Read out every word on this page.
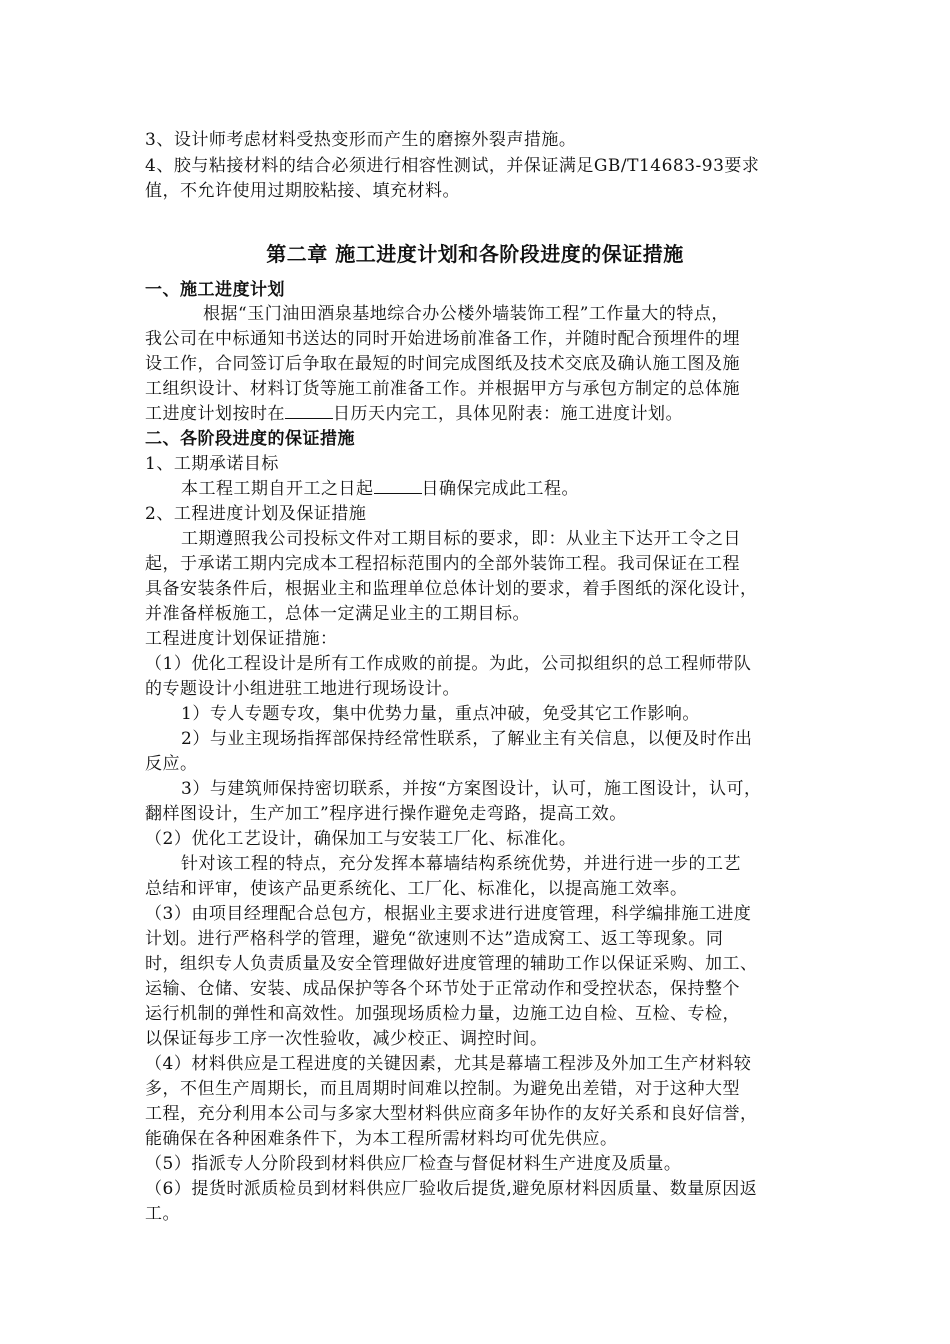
3、设计师考虑材料受热变形而产生的磨擦外裂声措施。
4、胶与粘接材料的结合必须进行相容性测试，并保证满足GB/T14683-93要求
值，不允许使用过期胶粘接、填充材料。
第二章 施工进度计划和各阶段进度的保证措施
一、施工进度计划
根据“玉门油田酒泉基地综合办公楼外墙装饰工程”工作量大的特点，
我公司在中标通知书送达的同时开始进场前准备工作，并随时配合预埋件的埋
设工作，合同签订后争取在最短的时间完成图纸及技术交底及确认施工图及施
工组织设计、材料订货等施工前准备工作。并根据甲方与承包方制定的总体施
工进度计划按时在	日历天内完工，具体见附表：施工进度计划。
二、各阶段进度的保证措施
1、工期承诺目标
本工程工期自开工之日起	日确保完成此工程。
2、工程进度计划及保证措施
工期遵照我公司投标文件对工期目标的要求，即：从业主下达开工令之日
起，于承诺工期内完成本工程招标范围内的全部外装饰工程。我司保证在工程
具备安装条件后，根据业主和监理单位总体计划的要求，着手图纸的深化设计，
并准备样板施工，总体一定满足业主的工期目标。
工程进度计划保证措施：
（1）优化工程设计是所有工作成败的前提。为此，公司拟组织的总工程师带队
的专题设计小组进驻工地进行现场设计。
1）专人专题专攻，集中优势力量，重点冲破，免受其它工作影响。
2）与业主现场指挥部保持经常性联系，了解业主有关信息，以便及时作出
反应。
3）与建筑师保持密切联系，并按“方案图设计，认可，施工图设计，认可，
翻样图设计，生产加工”程序进行操作避免走弯路，提高工效。
（2）优化工艺设计，确保加工与安装工厂化、标准化。
针对该工程的特点，充分发挥本幕墙结构系统优势，并进行进一步的工艺
总结和评审，使该产品更系统化、工厂化、标准化，以提高施工效率。
（3）由项目经理配合总包方，根据业主要求进行进度管理，科学编排施工进度
计划。进行严格科学的管理，避免“欲速则不达”造成窝工、返工等现象。同
时，组织专人负责质量及安全管理做好进度管理的辅助工作以保证采购、加工、
运输、仓储、安装、成品保护等各个环节处于正常动作和受控状态，保持整个
运行机制的弹性和高效性。加强现场质检力量，边施工边自检、互检、专检，
以保证每步工序一次性验收，减少校正、调控时间。
（4）材料供应是工程进度的关键因素，尤其是幕墙工程涉及外加工生产材料较
多，不但生产周期长，而且周期时间难以控制。为避免出差错，对于这种大型
工程，充分利用本公司与多家大型材料供应商多年协作的友好关系和良好信誉，
能确保在各种困难条件下，为本工程所需材料均可优先供应。
（5）指派专人分阶段到材料供应厂检查与督促材料生产进度及质量。
（6）提货时派质检员到材料供应厂验收后提货,避免原材料因质量、数量原因返
工。
